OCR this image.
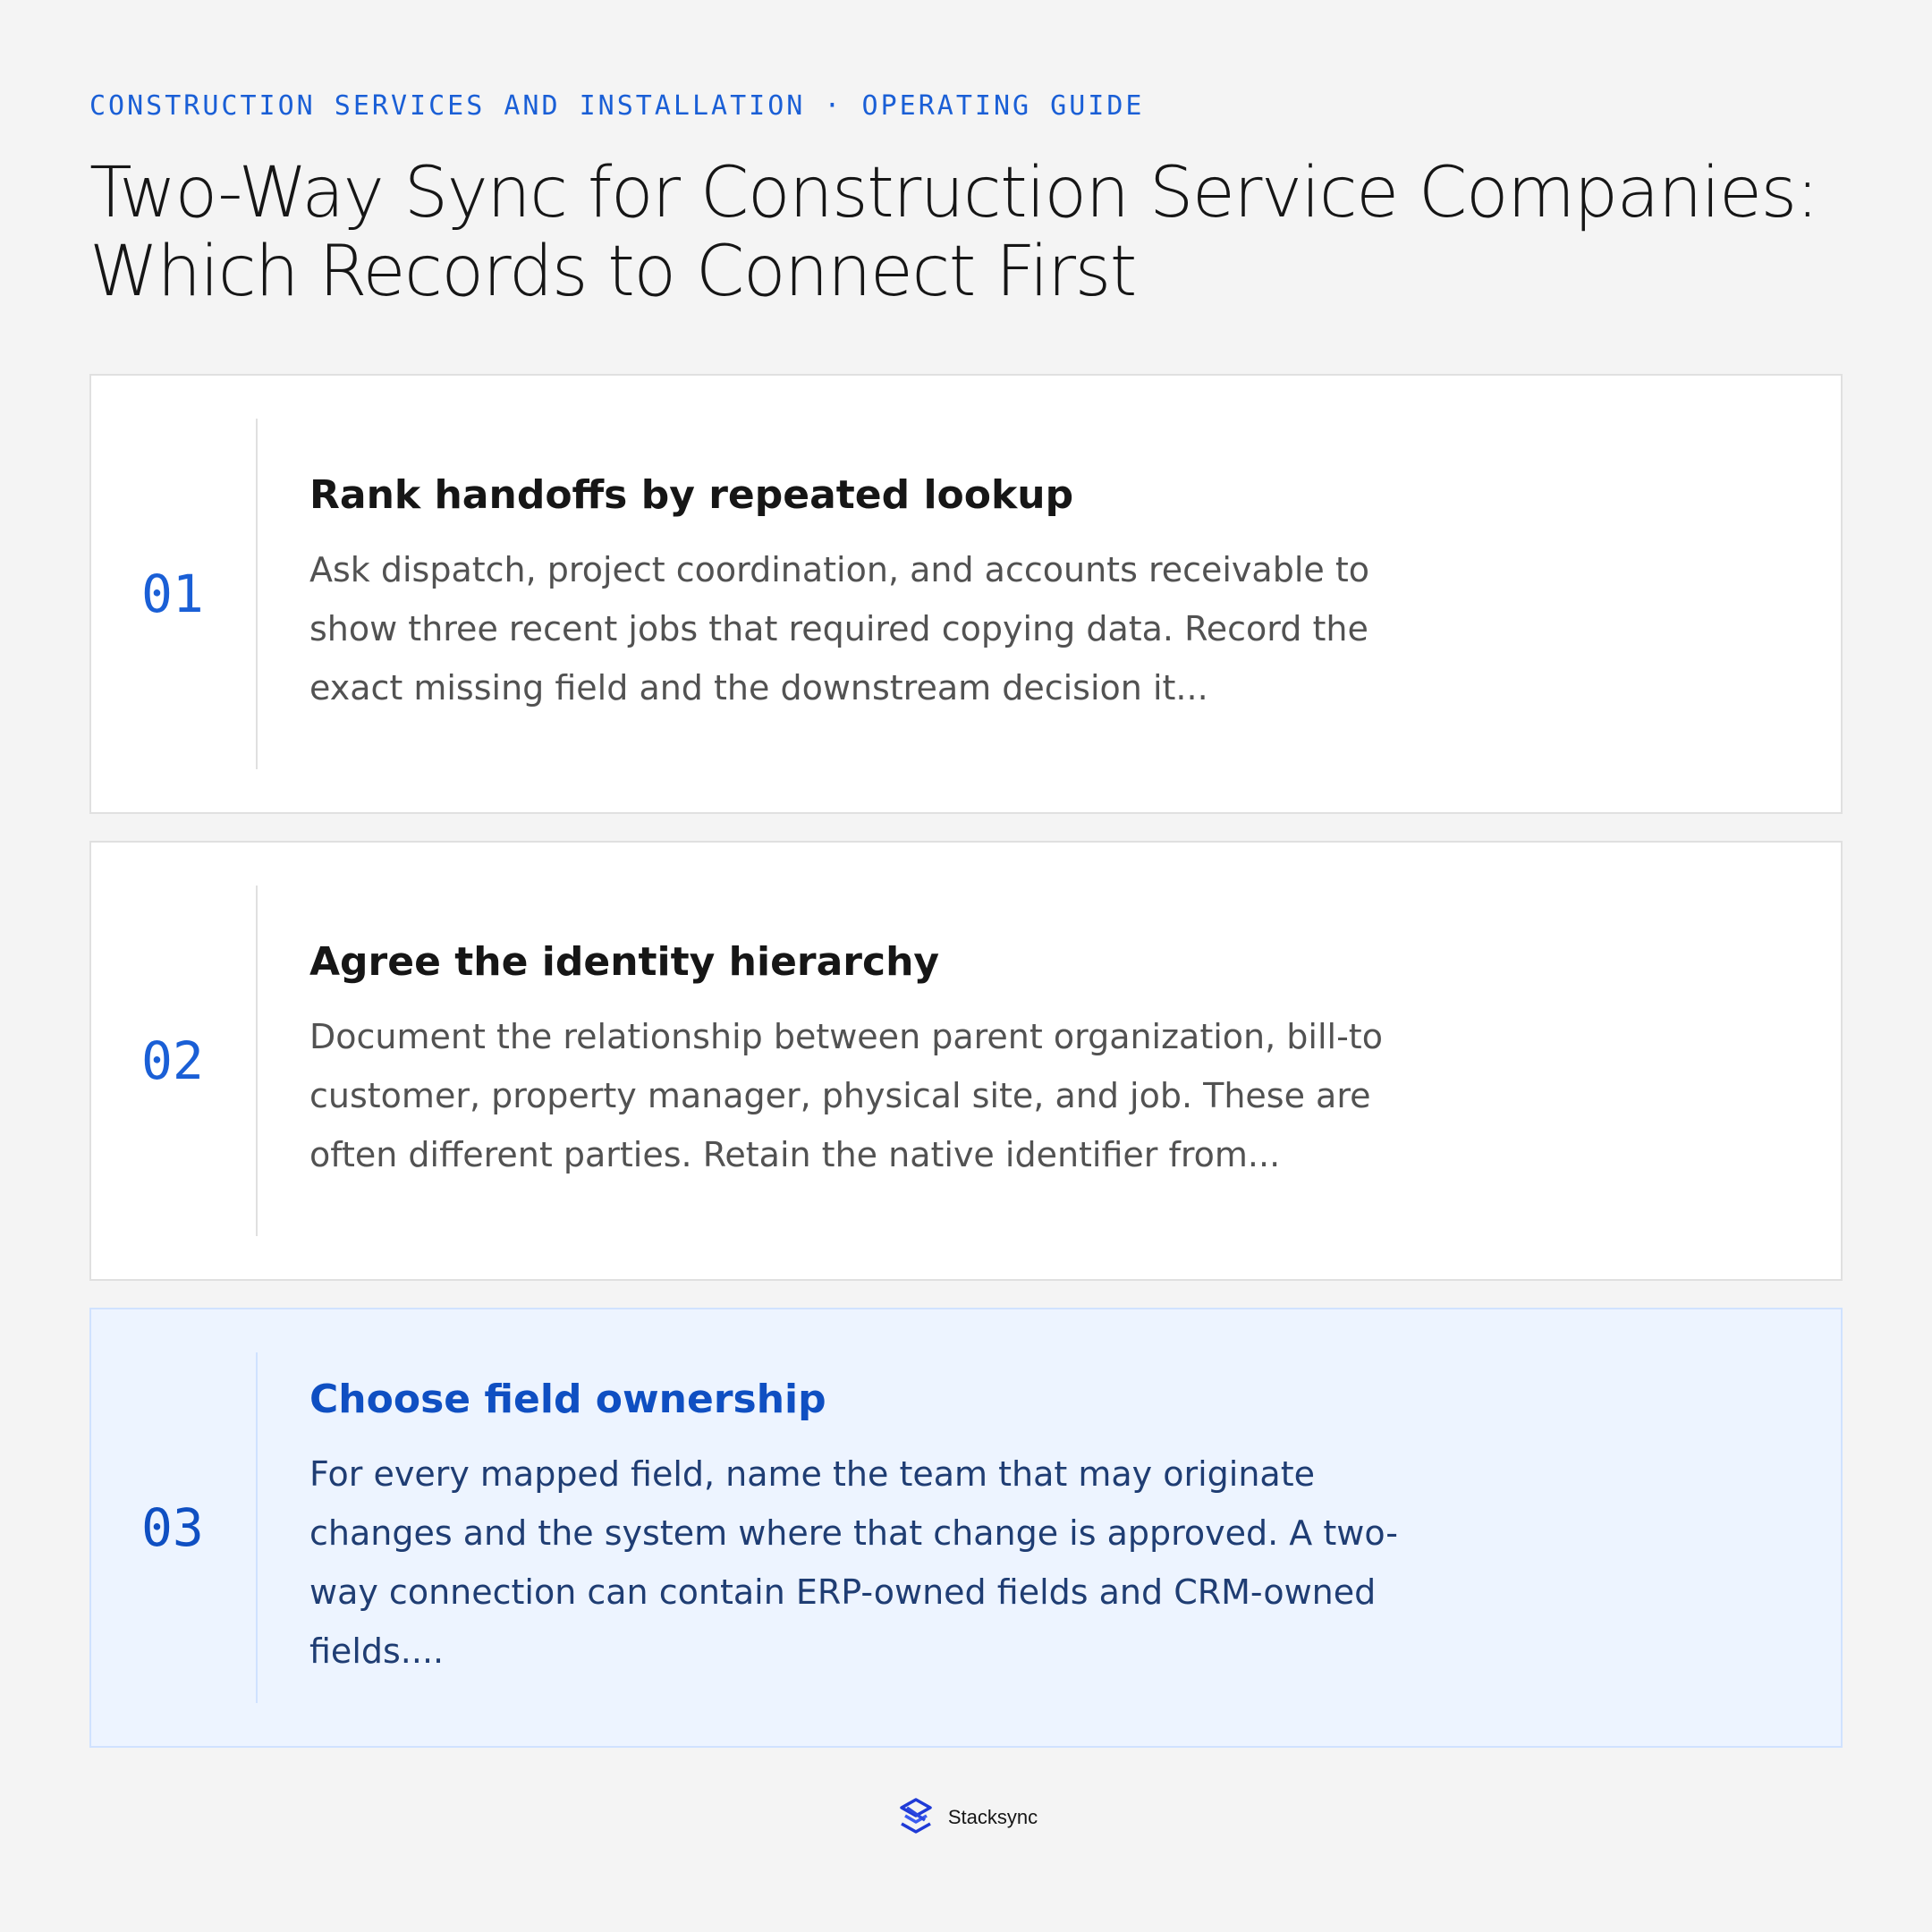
CONSTRUCTION SERVICES AND INSTALLATION · OPERATING GUIDE
Two-Way Sync for Construction Service Companies:
Which Records to Connect First
01
Rank handoffs by repeated lookup
Ask dispatch, project coordination, and accounts receivable to show three recent jobs that required copying data. Record the exact missing field and the downstream decision it...
02
Agree the identity hierarchy
Document the relationship between parent organization, bill-to customer, property manager, physical site, and job. These are often different parties. Retain the native identifier from...
03
Choose field ownership
For every mapped field, name the team that may originate changes and the system where that change is approved. A two-way connection can contain ERP-owned fields and CRM-owned fields....
Stacksync
